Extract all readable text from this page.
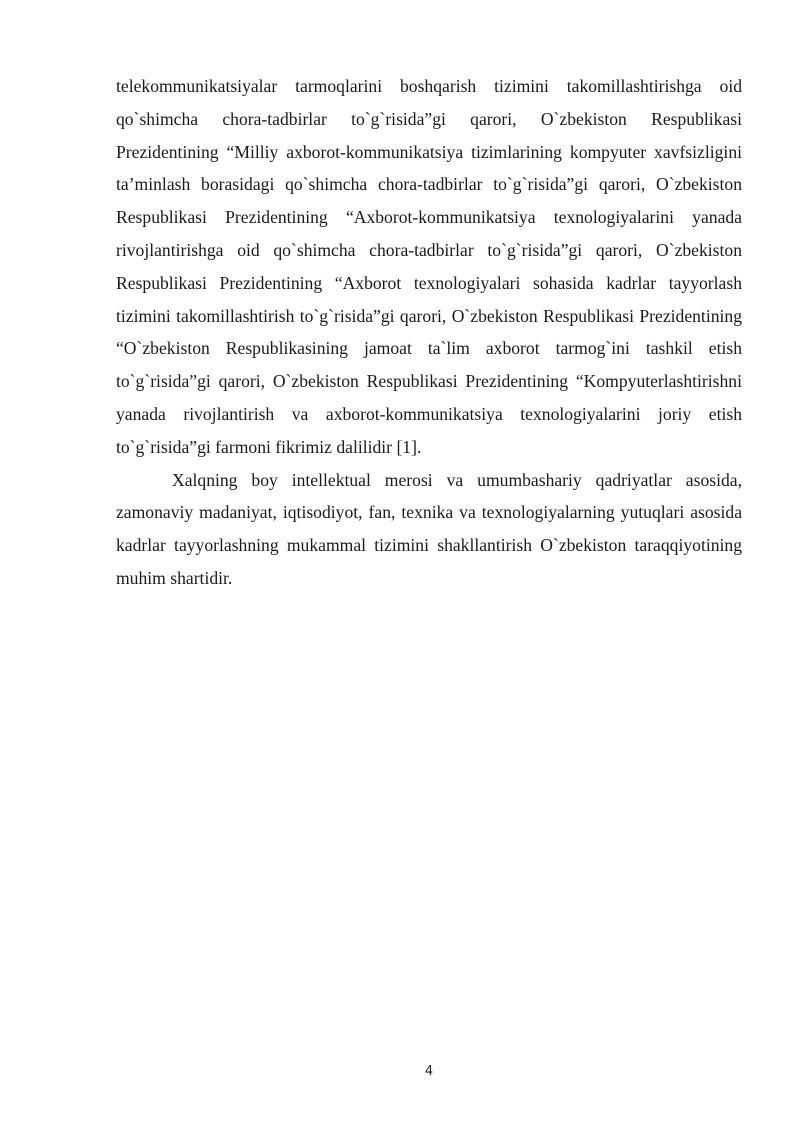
telekommunikatsiyalar tarmoqlarini boshqarish tizimini takomillashtirishga oid qo`shimcha chora-tadbirlar to`g`risida”gi qarori, O`zbekiston Respublikasi Prezidentining “Milliy axborot-kommunikatsiya tizimlarining kompyuter xavfsizligini ta’minlash borasidagi qo`shimcha chora-tadbirlar to`g`risida”gi qarori, O`zbekiston Respublikasi Prezidentining “Axborot-kommunikatsiya texnologiyalarini yanada rivojlantirishga oid qo`shimcha chora-tadbirlar to`g`risida”gi qarori, O`zbekiston Respublikasi Prezidentining “Axborot texnologiyalari sohasida kadrlar tayyorlash tizimini takomillashtirish to`g`risida”gi qarori, O`zbekiston Respublikasi Prezidentining “O`zbekiston Respublikasining jamoat ta`lim axborot tarmog`ini tashkil etish to`g`risida”gi qarori, O`zbekiston Respublikasi Prezidentining “Kompyuterlashtirishni yanada rivojlantirish va axborot-kommunikatsiya texnologiyalarini joriy etish to`g`risida”gi farmoni fikrimiz dalilidir [1].

Xalqning boy intellektual merosi va umumbashariy qadriyatlar asosida, zamonaviy madaniyat, iqtisodiyot, fan, texnika va texnologiyalarning yutuqlari asosida kadrlar tayyorlashning mukammal tizimini shakllantirish O`zbekiston taraqqiyotining muhim shartidir.

4
